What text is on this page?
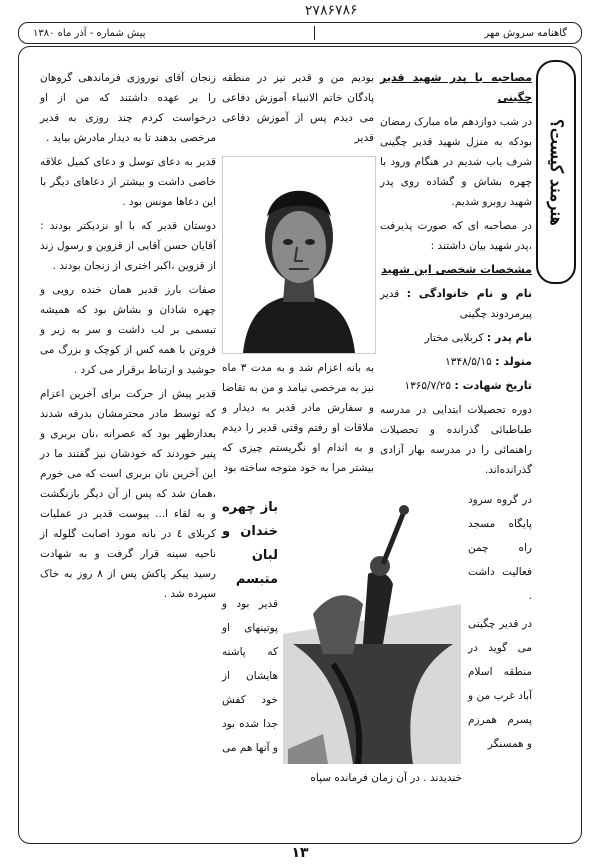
۲۷۸۶۷۸۶
گاهنامه سروش مهر
پیش شماره - آذر ماه ۱۳۸۰
هنرمند کیست؟

مصاحبه با پدر شهید قدیر چگینی

در شب دوازدهم ماه مبارک رمضان بودکه به منزل شهید قدیر چگینی شرف یاب شدیم در هنگام ورود با چهره بشاش و گشاده روی پدر شهید روبرو شدیم.

در مصاحبه ای که صورت پذیرفت ،پدر شهید بیان داشتند :

مشخصات شخصی این شهید

نام و نام خانوادگی : قدیر پیرمردوند چگینی

نام پدر : کربلایی مختار

متولد : ۱۳۴۸/۵/۱۵

تاریخ شهادت : ۱۳۶۵/۷/۲۵

دوره تحصیلات ابتدایی در مدرسه طباطبائی گذرانده و تحصیلات راهنمائی را در مدرسه بهار آزادی گذرانده‌اند.

در گروه سرود پایگاه مسجد راه چمن فعالیت داشت .

در قدیر چگینی می گوید در منطقه اسلام آباد غرب من و پسرم همرزم و همسنگر

بودیم من و قدیر نیز در منطقه پادگان خاتم الانبیاء آموزش دفاعی می دیدم پس از آموزش دفاعی قدیر

به بانه اعزام شد و به مدت ۳ ماه نیز به مرخصی نیامد و من به تقاضا و سفارش مادر قدیر به دیدار و ملاقات او رفتم وقتی قدیر را دیدم و به اندام او نگریستم چیزی که بیشتر مرا به خود متوجه ساخته بود

باز چهره خندان و لبان متبسم قدیر بود و پوتینهای او که پاشنه هایشان از خود کفش جدا شده بود و آنها هم می

خندیدند . در آن زمان فرمانده سپاه

زنجان آقای نوروزی فرماندهی گروهان را بر عهده داشتند که من از او درخواست کردم چند روزی به قدیر مرخصی بدهند تا به دیدار مادرش بیاید .

قدیر به دعای توسل و دعای کمیل علاقه خاصی داشت و بیشتر از دعاهای دیگر با این دعاها مونس بود .

دوستان قدیر که با او نزدیکتر بودند : آقایان حسن آقایی از قزوین و رسول زند از قزوین ،اکبر اختری از زنجان بودند .

صفات بارز قدیر همان خنده رویی و چهره شادان و بشاش بود که همیشه تبسمی بر لب داشت و سر به زیر و فروتن با همه کس از کوچک و بزرگ می جوشید و ارتباط برقرار می کرد .

قدیر پیش از حرکت برای آخرین اعزام که توسط مادر محترمشان بدرقه شدند بعدازظهر بود که عصرانه ،نان بربری و پنیر خوردند که خودشان نیز گفتند ما در این آخرین نان بربری است که می خورم ،همان شد که پس از آن دیگر بازنگشت و به لقاء ا... پیوست قدیر در عملیات کربلای ٤ در بانه مورد اصابت گلوله از ناحیه سینه قرار گرفت و به شهادت رسید پیکر پاکش پس از ۸ روز به خاک سپرده شد .

۱۳
